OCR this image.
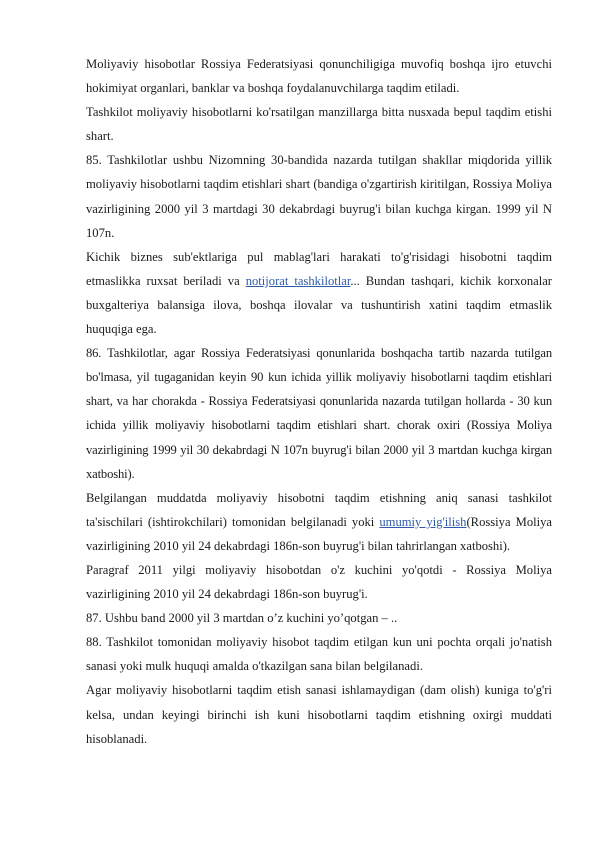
Moliyaviy hisobotlar Rossiya Federatsiyasi qonunchiligiga muvofiq boshqa ijro etuvchi hokimiyat organlari, banklar va boshqa foydalanuvchilarga taqdim etiladi.

Tashkilot moliyaviy hisobotlarni ko'rsatilgan manzillarga bitta nusxada bepul taqdim etishi shart.

85. Tashkilotlar ushbu Nizomning 30-bandida nazarda tutilgan shakllar miqdorida yillik moliyaviy hisobotlarni taqdim etishlari shart (bandiga o'zgartirish kiritilgan, Rossiya Moliya vazirligining 2000 yil 3 martdagi 30 dekabrdagi buyrug'i bilan kuchga kirgan. 1999 yil N 107n.

Kichik biznes sub'ektlariga pul mablag'lari harakati to'g'risidagi hisobotni taqdim etmaslikka ruxsat beriladi va notijorat tashkilotlar... Bundan tashqari, kichik korxonalar buxgalteriya balansiga ilova, boshqa ilovalar va tushuntirish xatini taqdim etmaslik huquqiga ega.

86. Tashkilotlar, agar Rossiya Federatsiyasi qonunlarida boshqacha tartib nazarda tutilgan bo'lmasa, yil tugaganidan keyin 90 kun ichida yillik moliyaviy hisobotlarni taqdim etishlari shart, va har chorakda - Rossiya Federatsiyasi qonunlarida nazarda tutilgan hollarda - 30 kun ichida yillik moliyaviy hisobotlarni taqdim etishlari shart. chorak oxiri (Rossiya Moliya vazirligining 1999 yil 30 dekabrdagi N 107n buyrug'i bilan 2000 yil 3 martdan kuchga kirgan xatboshi).

Belgilangan muddatda moliyaviy hisobotni taqdim etishning aniq sanasi tashkilot ta'sischilari (ishtirokchilari) tomonidan belgilanadi yoki umumiy yig'ilish(Rossiya Moliya vazirligining 2010 yil 24 dekabrdagi 186n-son buyrug'i bilan tahrirlangan xatboshi).

Paragraf 2011 yilgi moliyaviy hisobotdan o'z kuchini yo'qotdi - Rossiya Moliya vazirligining 2010 yil 24 dekabrdagi 186n-son buyrug'i.

87. Ushbu band 2000 yil 3 martdan o’z kuchini yo’qotgan – ..

88. Tashkilot tomonidan moliyaviy hisobot taqdim etilgan kun uni pochta orqali jo'natish sanasi yoki mulk huquqi amalda o'tkazilgan sana bilan belgilanadi.

Agar moliyaviy hisobotlarni taqdim etish sanasi ishlamaydigan (dam olish) kuniga to'g'ri kelsa, undan keyingi birinchi ish kuni hisobotlarni taqdim etishning oxirgi muddati hisoblanadi.
